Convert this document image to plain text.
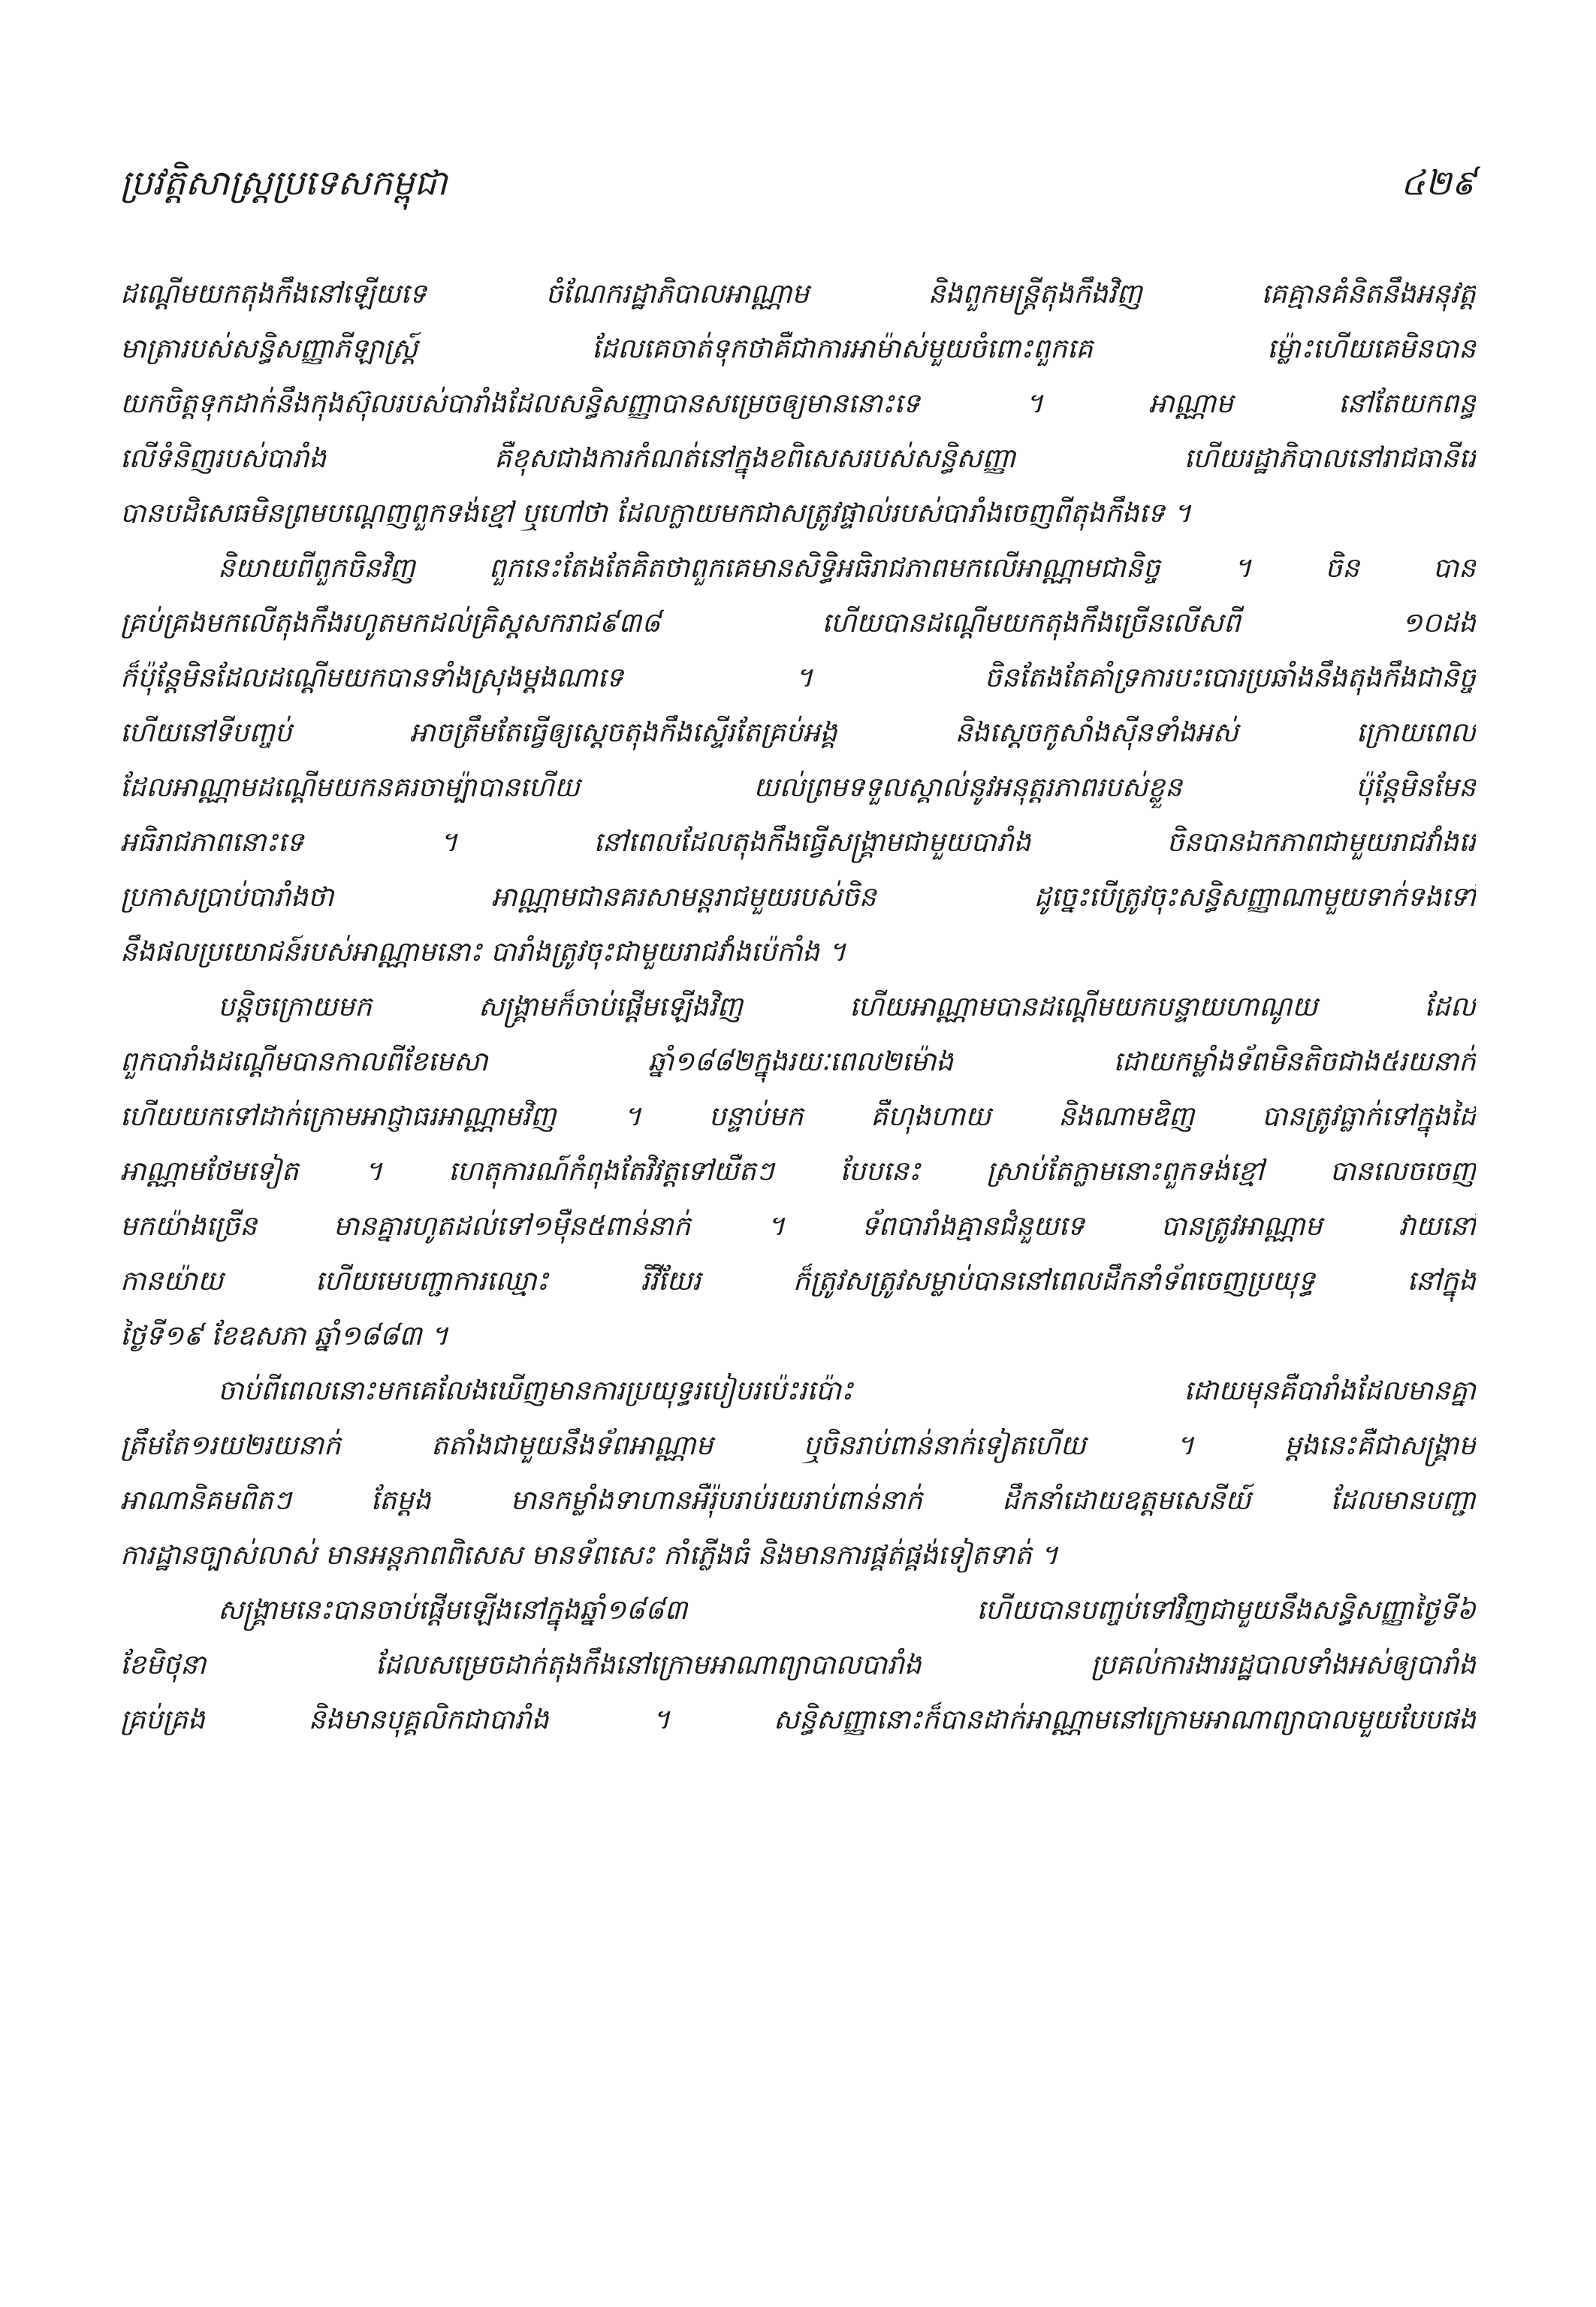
ប្រវត្តិសាស្ត្រប្រទេសកម្ពុជា	៤២៩
ដណ្តើមយកតុងកឹងនៅឡើយទេ ចំណែករដ្ឋាភិបាលអាណ្ណាម និងពួកមន្ត្រីតុងកឹងវិញ គេគ្មានគំនិតនឹងអនុវត្ត
មាត្រារបស់សន្ធិសញ្ញាភីឡាស្ត្រ៍ ដែលគេចាត់ទុកថាគឺជាការអាម៉ាស់មួយចំពោះពួកគេ ម្ល៉ោះហើយគេមិនបាន
យកចិត្តទុកដាក់នឹងកុងស៊ុលរបស់បារាំងដែលសន្ធិសញ្ញាបានសម្រេចឲ្យមាននោះទេ ។ អាណ្ណាម នៅតែយកពន្ធ
លើទំនិញរបស់បារាំង គឺខុសជាងការកំណត់នៅក្នុងខពិសេសរបស់សន្ធិសញ្ញា ហើយរដ្ឋាភិបាលនៅរាជធានីវេ
បានបដិសេធមិនព្រមបណ្តេញពួកទង់ខ្មៅ ឬហៅថា ដែលក្លាយមកជាសត្រូវផ្ទាល់របស់បារាំងចេញពីតុងកឹងទេ ។
និយាយពីពួកចិនវិញ ពួកនេះតែងតែគិតថាពួកគេមានសិទ្ធិអធិរាជភាពមកលើអាណ្ណាមជានិច្ច ។ ចិន បាន
គ្រប់គ្រងមកលើតុងកឹងរហូតមកដល់គ្រិស្តសករាជ៩៣៨ ហើយបានដណ្តើមយកតុងកឹងច្រើនលើសពី ១០ដង
ក៏ប៉ុន្តែមិនដែលដណ្តើមយកបានទាំងស្រុងម្តងណាទេ ។ ចិនតែងតែគាំទ្រការបះបោរប្រឆាំងនឹងតុងកឹងជានិច្ច
ហើយនៅទីបញ្ចប់ អាចត្រឹមតែធ្វើឲ្យស្តេចតុងកឹងស្ទើរតែគ្រប់អង្គ និងស្តេចកូសាំងស៊ីនទាំងអស់ ក្រោយពេល
ដែលអាណ្ណាមដណ្តើមយកនគរចាម្ប៉ាបានហើយ យល់ព្រមទទួលស្គាល់នូវអនុត្តរភាពរបស់ខ្លួន ប៉ុន្តែមិនមែន
អធិរាជភាពនោះទេ ។ នៅពេលដែលតុងកឹងធ្វើសង្គ្រាមជាមួយបារាំង ចិនបានឯកភាពជាមួយរាជវាំងវេ
ប្រកាសប្រាប់បារាំងថា អាណ្ណាមជានគរសាមន្តរាជមួយរបស់ចិន ដូច្នេះបើត្រូវចុះសន្ធិសញ្ញាណាមួយទាក់ទងទៅ
នឹងផលប្រយោជន៍របស់អាណ្ណាមនោះ បារាំងត្រូវចុះជាមួយរាជវាំងប៉េកាំង ។
បន្តិចក្រោយមក សង្គ្រាមក៏ចាប់ផ្តើមឡើងវិញ ហើយអាណ្ណាមបានដណ្តើមយកបន្ទាយហាណូយ ដែល
ពួកបារាំងដណ្តើមបានកាលពីខែមេសា ឆ្នាំ១៨៨២ក្នុងរយៈពេល២ម៉ោង ដោយកម្លាំងទ័ពមិនតិចជាង៥រយនាក់
ហើយយកទៅដាក់ក្រោមអាជ្ញាធរអាណ្ណាមវិញ ។ បន្ទាប់មក គឺហុងហាយ និងណាមឌិញ បានត្រូវធ្លាក់ទៅក្នុងដៃ
អាណ្ណាមថែមទៀត ។ ហេតុការណ៍កំពុងតែវិវត្តទៅយឺតៗ បែបនេះ ស្រាប់តែក្លាមនោះពួកទង់ខ្មៅ បានលេចចេញ
មកយ៉ាងច្រើន មានគ្នារហូតដល់ទៅ១ម៉ឺន៥ពាន់នាក់ ។ ទ័ពបារាំងគ្មានជំនួយទេ បានត្រូវអាណ្ណាម វាយនៅ
កានយ៉ាយ ហើយមេបញ្ជាការឈ្មោះ រីវីយែរ ក៏ត្រូវសត្រូវសម្លាប់បាននៅពេលដឹកនាំទ័ពចេញប្រយុទ្ធ នៅក្នុង
ថ្ងៃទី១៩ ខែឧសភា ឆ្នាំ១៨៨៣ ។
ចាប់ពីពេលនោះមកគេលែងឃើញមានការប្រយុទ្ធរបៀបរប៉េះរប៉ោះ ដោយមុនគឺបារាំងដែលមានគ្នា
ត្រឹមតែ១រយ២រយនាក់ តតាំងជាមួយនឹងទ័ពអាណ្ណាម ឬចិនរាប់ពាន់នាក់ទៀតហើយ ។ ម្តងនេះគឺជាសង្គ្រាម
អាណានិគមពិតៗ តែម្តង មានកម្លាំងទាហានអឺរ៉ុបរាប់រយរាប់ពាន់នាក់ ដឹកនាំដោយឧត្តមសេនីយ៍ ដែលមានបញ្ជា
ការដ្ឋានច្បាស់លាស់ មានអន្តភាពពិសេស មានទ័ពសេះ កាំភ្លើងធំ និងមានការផ្គត់ផ្គង់ទៀតទាត់ ។
សង្គ្រាមនេះបានចាប់ផ្តើមឡើងនៅក្នុងឆ្នាំ១៨៨៣ ហើយបានបញ្ចប់ទៅវិញជាមួយនឹងសន្ធិសញ្ញាថ្ងៃទី៦
ខែមិថុនា ដែលសម្រេចដាក់តុងកឹងនៅក្រោមអាណាព្យាបាលបារាំង ប្រគល់ការងាររដ្ឋបាលទាំងអស់ឲ្យបារាំង
គ្រប់គ្រង និងមានបុគ្គលិកជាបារាំង ។ សន្ធិសញ្ញានោះក៏បានដាក់អាណ្ណាមនៅក្រោមអាណាព្យាបាលមួយបែបផង
